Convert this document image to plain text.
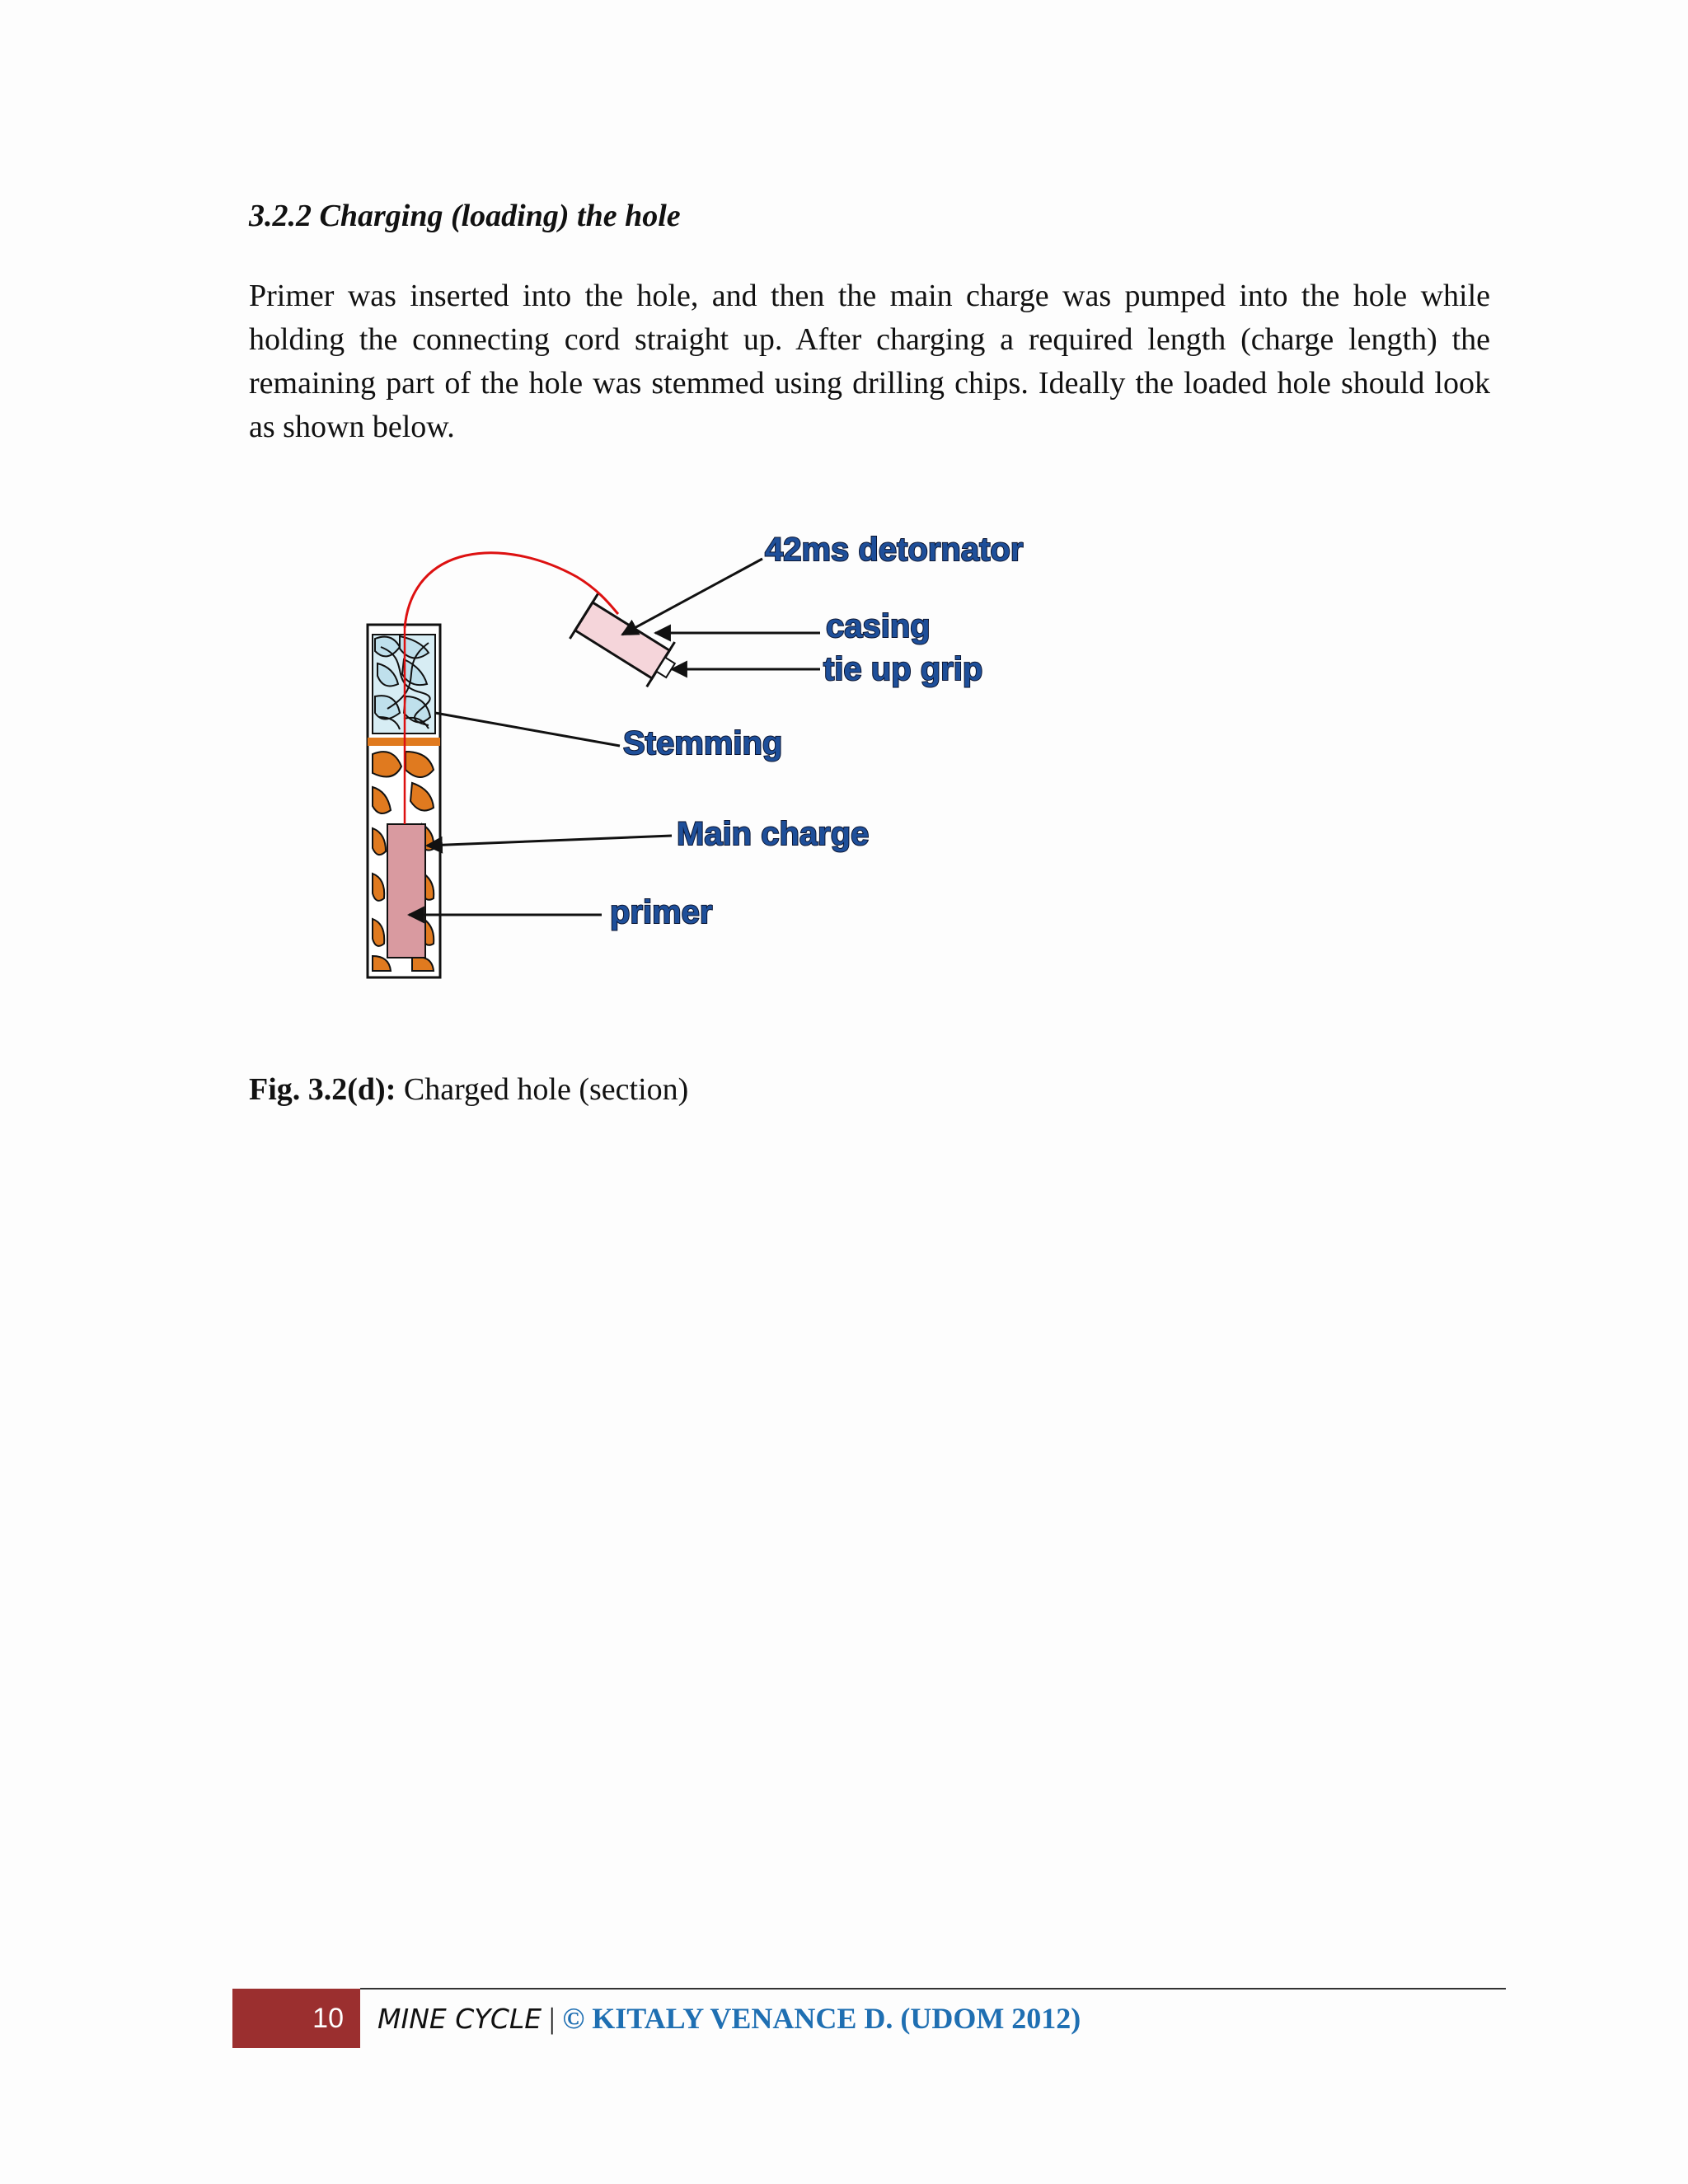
3.2.2 Charging (loading) the hole

Primer was inserted into the hole, and then the main charge was pumped into the hole while holding the connecting cord straight up. After charging a required length (charge length) the remaining part of the hole was stemmed using drilling chips. Ideally the loaded hole should look as shown below.

42ms detornator
casing
tie up grip
Stemming
Main charge
primer

Fig. 3.2(d): Charged hole (section)

10	MINE CYCLE | © KITALY VENANCE D. (UDOM 2012)
